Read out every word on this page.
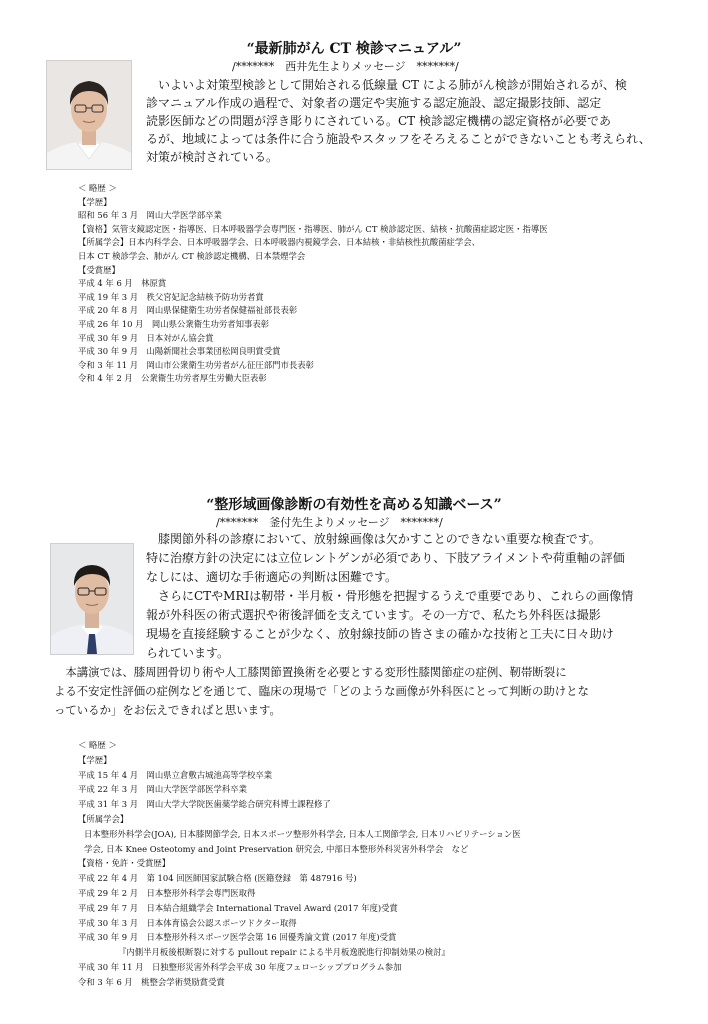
“最新肺がん CT 検診マニュアル”
/*******　西井先生よりメッセージ　*******/
　いよいよ対策型検診として開始される低線量 CT による肺がん検診が開始されるが、検
診マニュアル作成の過程で、対象者の選定や実施する認定施設、認定撮影技師、認定
読影医師などの問題が浮き彫りにされている。CT 検診認定機構の認定資格が必要であ
るが、地域によっては条件に合う施設やスタッフをそろえることができないことも考えられ、
対策が検討されている。
＜ 略歴 ＞
【学歴】
昭和 56 年 3 月　岡山大学医学部卒業
【資格】気管支鏡認定医・指導医、日本呼吸器学会専門医・指導医、肺がん CT 検診認定医、結核・抗酸菌症認定医・指導医
【所属学会】日本内科学会、日本呼吸器学会、日本呼吸器内視鏡学会、日本結核・非結核性抗酸菌症学会、
日本 CT 検診学会、肺がん CT 検診認定機構、日本禁煙学会
【受賞歴】
平成 4 年 6 月　林原賞
平成 19 年 3 月　秩父宮妃記念結核予防功労者賞
平成 20 年 8 月　岡山県保健衛生功労者保健福祉部長表彰
平成 26 年 10 月　岡山県公衆衛生功労者知事表彰
平成 30 年 9 月　日本対がん協会賞
平成 30 年 9 月　山陽新聞社会事業団松岡良明賞受賞
令和 3 年 11 月　岡山市公衆衛生功労者がん征圧部門市長表彰
令和 4 年 2 月　公衆衛生功労者厚生労働大臣表彰
“整形域画像診断の有効性を高める知識ベース”
/*******　釜付先生よりメッセージ　*******/
　膝関節外科の診療において、放射線画像は欠かすことのできない重要な検査です。
特に治療方針の決定には立位レントゲンが必須であり、下肢アライメントや荷重軸の評価
なしには、適切な手術適応の判断は困難です。
　さらにCTやMRIは靭帯・半月板・骨形態を把握するうえで重要であり、これらの画像情
報が外科医の術式選択や術後評価を支えています。その一方で、私たち外科医は撮影
現場を直接経験することが少なく、放射線技師の皆さまの確かな技術と工夫に日々助け
られています。
　本講演では、膝周囲骨切り術や人工膝関節置換術を必要とする変形性膝関節症の症例、靭帯断裂に
よる不安定性評価の症例などを通じて、臨床の現場で「どのような画像が外科医にとって判断の助けとな
っているか」をお伝えできればと思います。
＜ 略歴 ＞
【学歴】
平成 15 年 4 月　岡山県立倉敷古城池高等学校卒業
平成 22 年 3 月　岡山大学医学部医学科卒業
平成 31 年 3 月　岡山大学大学院医歯薬学総合研究科博士課程修了
【所属学会】
日本整形外科学会(JOA), 日本膝関節学会, 日本スポーツ整形外科学会, 日本人工関節学会, 日本リハビリテーション医
学会, 日本 Knee Osteotomy and Joint Preservation 研究会, 中部日本整形外科災害外科学会　など
【資格・免許・受賞歴】
平成 22 年 4 月　第 104 回医師国家試験合格 (医籍登録　第 487916 号)
平成 29 年 2 月　日本整形外科学会専門医取得
平成 29 年 7 月　日本結合組織学会 International Travel Award (2017 年度)受賞
平成 30 年 3 月　日本体育協会公認スポーツドクター取得
平成 30 年 9 月　日本整形外科スポーツ医学会第 16 回優秀論文賞 (2017 年度)受賞
『内側半月板後根断裂に対する pullout repair による半月板逸脱進行抑制効果の検討』
平成 30 年 11 月　日独整形災害外科学会平成 30 年度フェローシッププログラム参加
令和 3 年 6 月　桃整会学術奨励賞受賞
